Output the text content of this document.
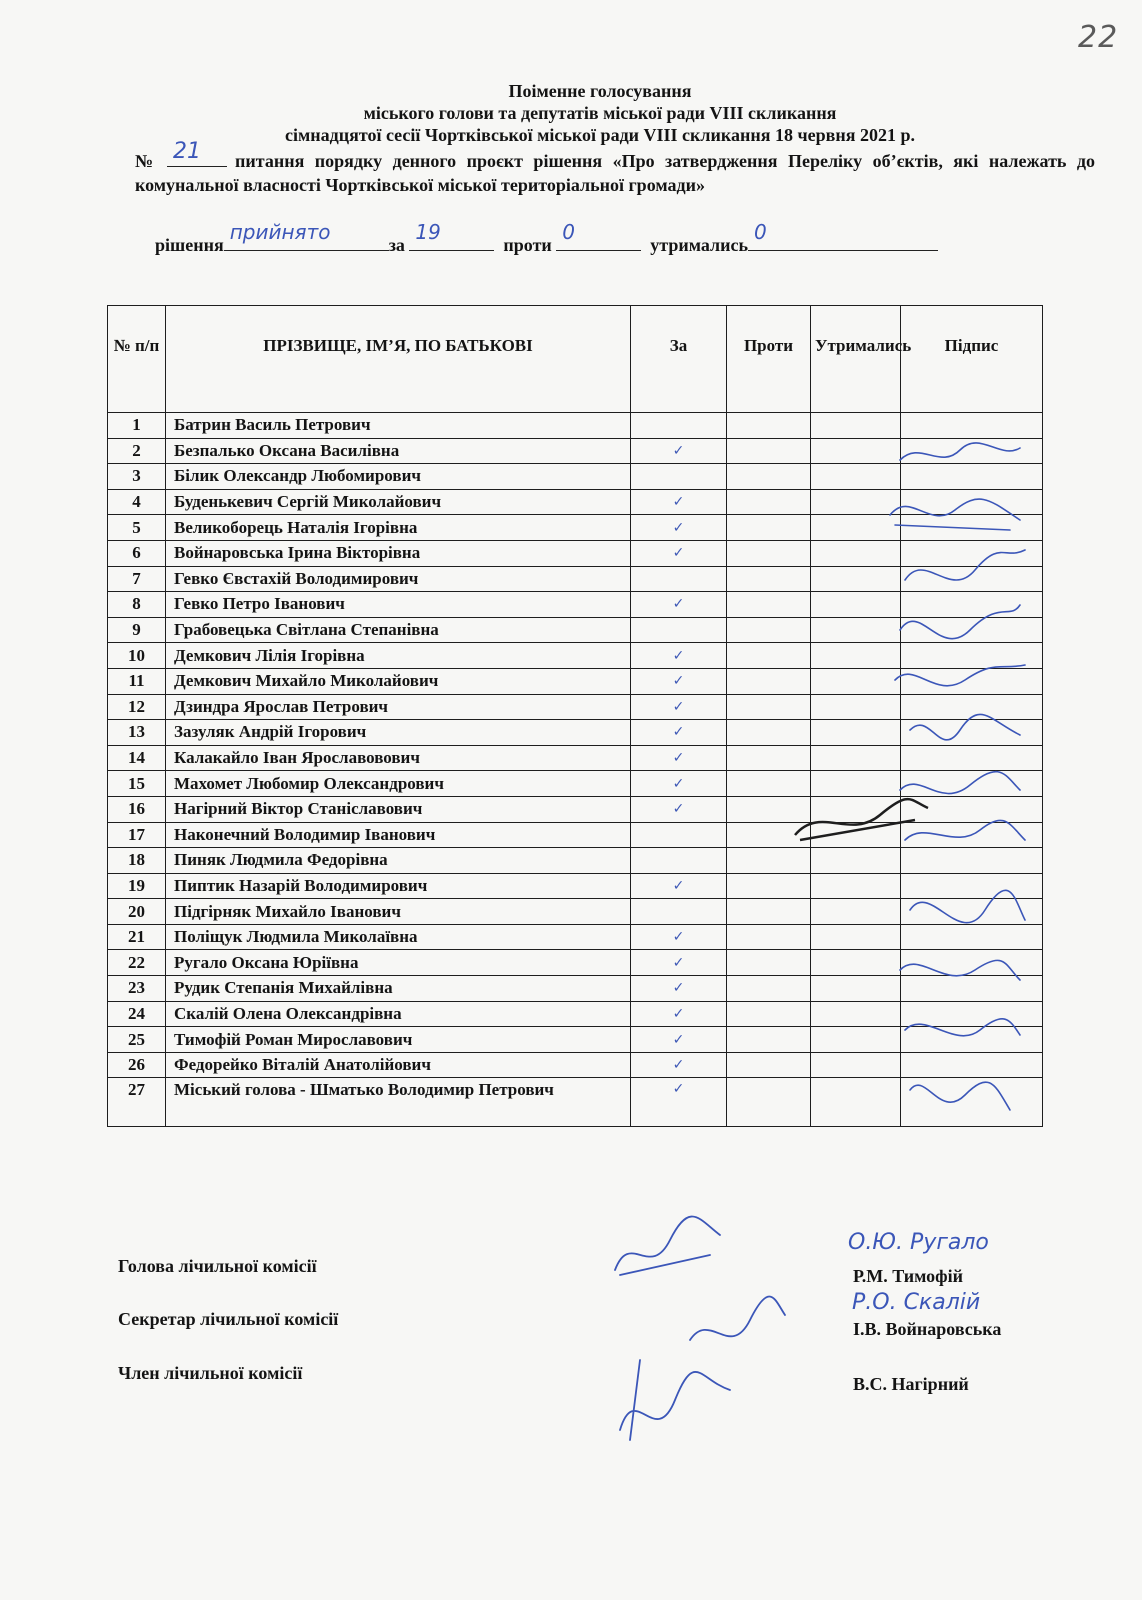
22
Поіменне голосування
міського голови та депутатів міської ради VIII скликання
сімнадцятої сесії Чортківської міської ради VIII скликання 18 червня 2021 р.
№ 21 питання порядку денного проєкт рішення «Про затвердження Переліку об’єктів, які належать до комунальної власності Чортківської міської територіальної громади»
рішення
прийнято
за
19
проти
0
утримались
0
№ п/п	ПРІЗВИЩЕ, ІМ’Я, ПО БАТЬКОВІ	За	Проти	Утримались	Підпис
1	Батрин Василь Петрович				
2	Безпалько Оксана Василівна	✓			
3	Білик Олександр Любомирович				
4	Буденькевич Сергій Миколайович	✓			
5	Великоборець Наталія Ігорівна	✓			
6	Войнаровська Ірина Вікторівна	✓			
7	Гевко Євстахій Володимирович				
8	Гевко Петро Іванович	✓			
9	Грабовецька Світлана Степанівна				
10	Демкович Лілія Ігорівна	✓			
11	Демкович Михайло Миколайович	✓			
12	Дзиндра Ярослав Петрович	✓			
13	Зазуляк Андрій Ігорович	✓			
14	Калакайло Іван Ярославовович	✓			
15	Махомет Любомир Олександрович	✓			
16	Нагірний Віктор Станіславович	✓			
17	Наконечний Володимир Іванович				
18	Пиняк Людмила Федорівна				
19	Пиптик Назарій Володимирович	✓			
20	Підгірняк Михайло Іванович				
21	Поліщук Людмила Миколаївна	✓			
22	Ругало Оксана Юріївна	✓			
23	Рудик Степанія Михайлівна	✓			
24	Скалій Олена Олександрівна	✓			
25	Тимофій Роман Мирославович	✓			
26	Федорейко Віталій Анатолійович	✓			
27	Міський голова - Шматько Володимир Петрович	✓			
Голова лічильної комісії
Секретар лічильної комісії
Член лічильної комісії
Р.М. Тимофій
І.В. Войнаровська
В.С. Нагірний
О.Ю. Ругало
Р.О. Скалій
